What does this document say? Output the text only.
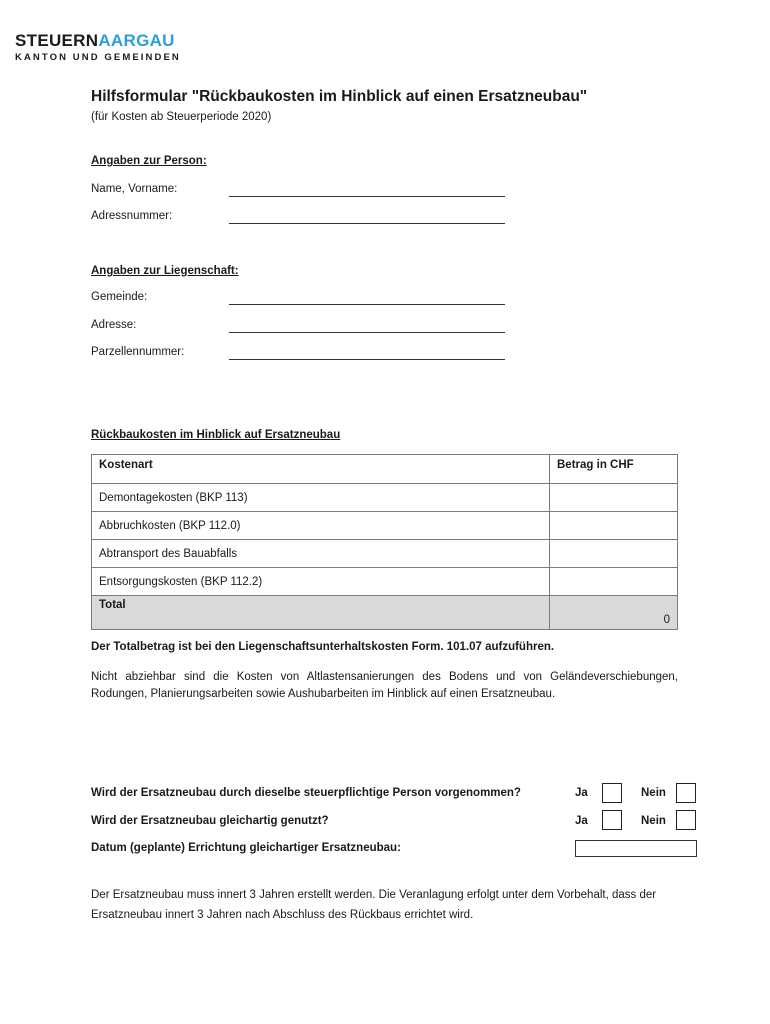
STEUERNAARGAU
KANTON UND GEMEINDEN
Hilfsformular "Rückbaukosten im Hinblick auf einen Ersatzneubau"
(für Kosten ab Steuerperiode 2020)
Angaben zur Person:
Name, Vorname:
Adressnummer:
Angaben zur Liegenschaft:
Gemeinde:
Adresse:
Parzellennummer:
Rückbaukosten im Hinblick auf Ersatzneubau
Kostenart	Betrag in CHF
Demontagekosten (BKP 113)	
Abbruchkosten (BKP 112.0)	
Abtransport des Bauabfalls	
Entsorgungskosten (BKP 112.2)	
Total	0
Der Totalbetrag ist bei den Liegenschaftsunterhaltskosten Form. 101.07 aufzuführen.
Nicht abziehbar sind die Kosten von Altlastensanierungen des Bodens und von Geländeverschiebungen, Rodungen, Planierungsarbeiten sowie Aushubarbeiten im Hinblick auf einen Ersatzneubau.
Wird der Ersatzneubau durch dieselbe steuerpflichtige Person vorgenommen?	Ja	Nein
Wird der Ersatzneubau gleichartig genutzt?	Ja	Nein
Datum (geplante) Errichtung gleichartiger Ersatzneubau:
Der Ersatzneubau muss innert 3 Jahren erstellt werden. Die Veranlagung erfolgt unter dem Vorbehalt, dass der Ersatzneubau innert 3 Jahren nach Abschluss des Rückbaus errichtet wird.
